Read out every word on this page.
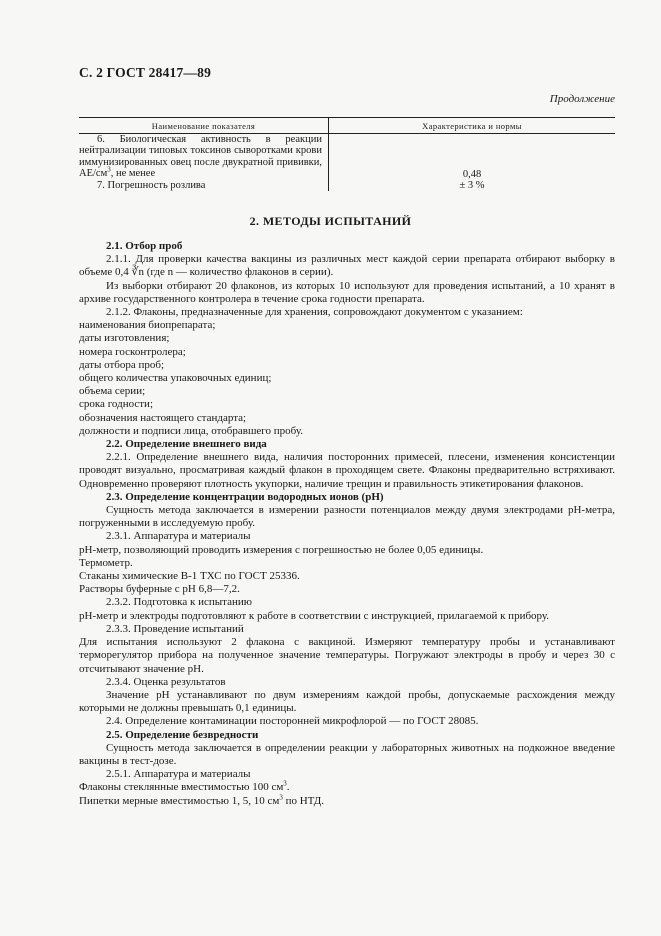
С. 2 ГОСТ 28417—89
Продолжение
Наименование показателя	Характеристика и нормы
6. Биологическая активность в реакции нейтрализации типовых токсинов сыворотками крови иммунизированных овец после двукратной прививки, $АЕ/см^3$, не менее	0,48
7. Погрешность розлива	± 3 %
2. МЕТОДЫ ИСПЫТАНИЙ

2.1. Отбор проб

2.1.1. Для проверки качества вакцины из различных мест каждой серии препарата отбирают выборку в объеме 0,4 ∛n (где n — количество флаконов в серии).

Из выборки отбирают 20 флаконов, из которых 10 используют для проведения испытаний, а 10 хранят в архиве государственного контролера в течение срока годности препарата.

2.1.2. Флаконы, предназначенные для хранения, сопровождают документом с указанием:

наименования биопрепарата;

даты изготовления;

номера госконтролера;

даты отбора проб;

общего количества упаковочных единиц;

объема серии;

срока годности;

обозначения настоящего стандарта;

должности и подписи лица, отобравшего пробу.

2.2. Определение внешнего вида

2.2.1. Определение внешнего вида, наличия посторонних примесей, плесени, изменения консистенции проводят визуально, просматривая каждый флакон в проходящем свете. Флаконы предварительно встряхивают. Одновременно проверяют плотность укупорки, наличие трещин и правильность этикетирования флаконов.

2.3. Определение концентрации водородных ионов (рН)

Сущность метода заключается в измерении разности потенциалов между двумя электродами рН-метра, погруженными в исследуемую пробу.

2.3.1. Аппаратура и материалы

рН-метр, позволяющий проводить измерения с погрешностью не более 0,05 единицы.

Термометр.

Стаканы химические В-1 ТХС по ГОСТ 25336.

Растворы буферные с рН 6,8—7,2.

2.3.2. Подготовка к испытанию

рН-метр и электроды подготовляют к работе в соответствии с инструкцией, прилагаемой к прибору.

2.3.3. Проведение испытаний

Для испытания используют 2 флакона с вакциной. Измеряют температуру пробы и устанавливают терморегулятор прибора на полученное значение температуры. Погружают электроды в пробу и через 30 с отсчитывают значение рН.

2.3.4. Оценка результатов

Значение рН устанавливают по двум измерениям каждой пробы, допускаемые расхождения между которыми не должны превышать 0,1 единицы.

2.4. Определение контаминации посторонней микрофлорой — по ГОСТ 28085.

2.5. Определение безвредности

Сущность метода заключается в определении реакции у лабораторных животных на подкожное введение вакцины в тест-дозе.

2.5.1. Аппаратура и материалы

Флаконы стеклянные вместимостью 100 $см^3$.

Пипетки мерные вместимостью 1, 5, 10 $см^3$ по НТД.
